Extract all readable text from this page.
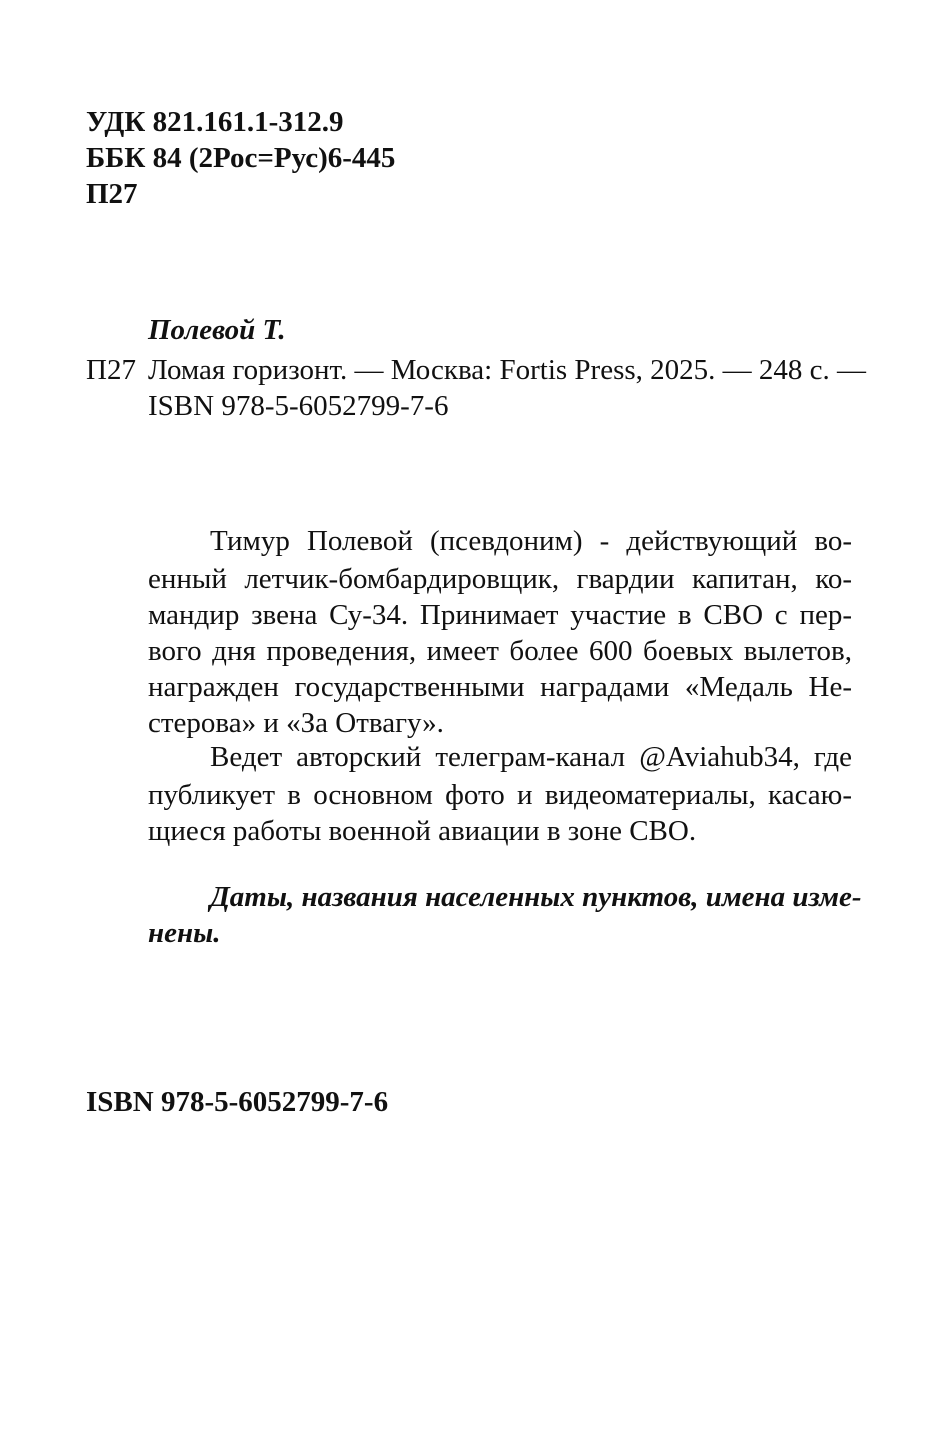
УДК 821.161.1-312.9
ББК 84 (2Рос=Рус)6-445
П27
Полевой Т.
П27 Ломая горизонт. — Москва: Fortis Press, 2025. — 248 с. —
ISBN 978-5-6052799-7-6
Тимур Полевой (псевдоним) - действующий во-
енный летчик-бомбардировщик, гвардии капитан, ко-
мандир звена Су-34. Принимает участие в СВО с пер-
вого дня проведения, имеет более 600 боевых вылетов,
награжден государственными наградами «Медаль Не-
стерова» и «За Отвагу».
Ведет авторский телеграм-канал @Aviahub34, где
публикует в основном фото и видеоматериалы, касаю-
щиеся работы военной авиации в зоне СВО.
Даты, названия населенных пунктов, имена изме-
нены.
ISBN 978-5-6052799-7-6
